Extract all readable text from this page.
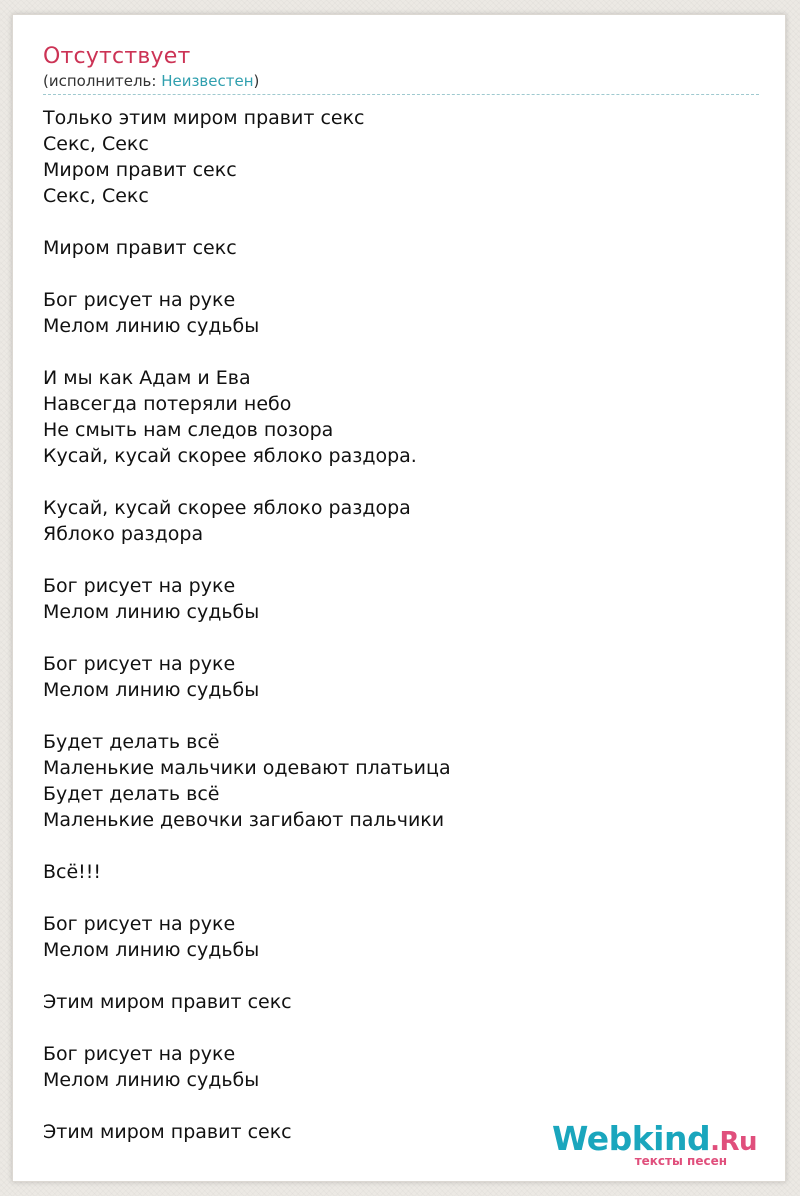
Отсутствует
(исполнитель: Неизвестен)
Только этим миром правит секс
Секс, Секс
Миром правит секс
Секс, Секс
Миром правит секс
Бог рисует на руке
Мелом линию судьбы
И мы как Адам и Ева
Навсегда потеряли небо
Не смыть нам следов позора
Кусай, кусай скорее яблоко раздора.
Кусай, кусай скорее яблоко раздора
Яблоко раздора
Бог рисует на руке
Мелом линию судьбы
Бог рисует на руке
Мелом линию судьбы
Будет делать всё
Маленькие мальчики одевают платьица
Будет делать всё
Маленькие девочки загибают пальчики
Всё!!!
Бог рисует на руке
Мелом линию судьбы
Этим миром правит секс
Бог рисует на руке
Мелом линию судьбы
Этим миром правит секс	Webkind.Ru
тексты песен
